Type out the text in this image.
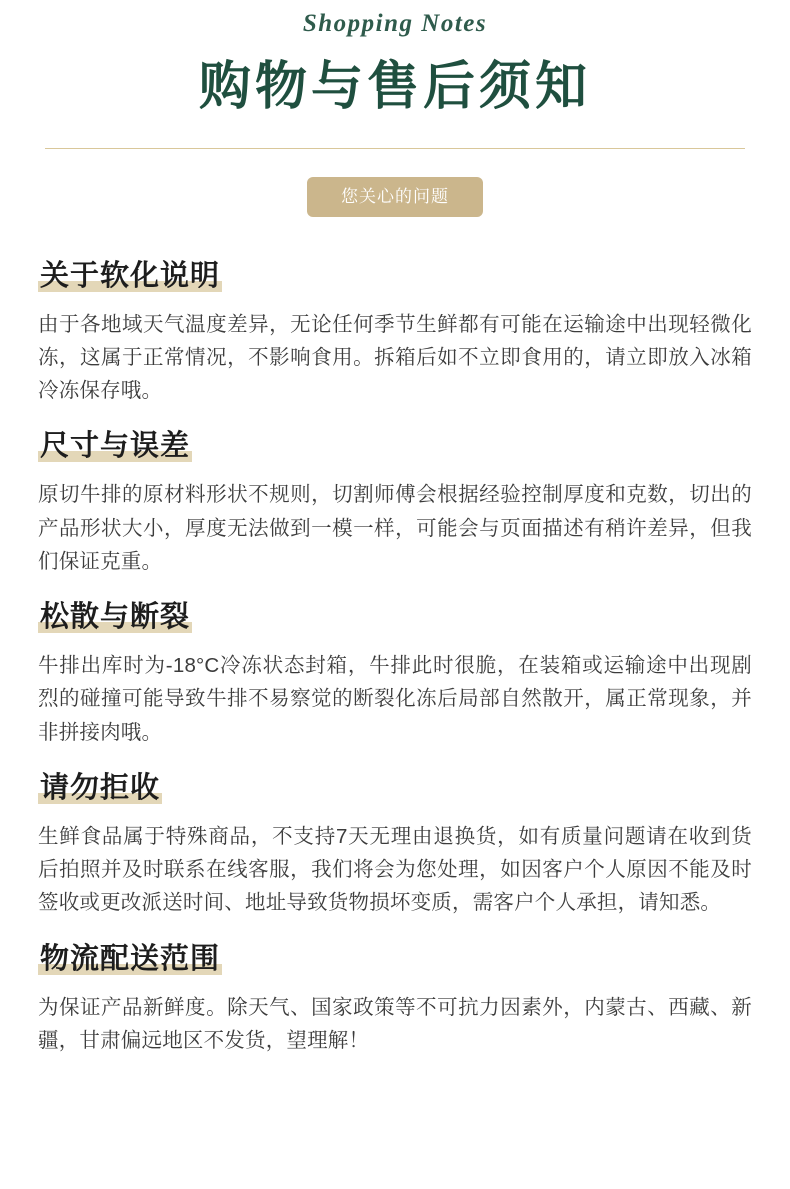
Shopping Notes

购物与售后须知
您关心的问题
关于软化说明

由于各地域天气温度差异，无论任何季节生鲜都有可能在运输途中出现轻微化冻，这属于正常情况，不影响食用。拆箱后如不立即食用的，请立即放入冰箱冷冻保存哦。

尺寸与误差

原切牛排的原材料形状不规则，切割师傅会根据经验控制厚度和克数，切出的产品形状大小，厚度无法做到一模一样，可能会与页面描述有稍许差异，但我们保证克重。

松散与断裂

牛排出库时为-18°C冷冻状态封箱，牛排此时很脆，在装箱或运输途中出现剧烈的碰撞可能导致牛排不易察觉的断裂化冻后局部自然散开，属正常现象，并非拼接肉哦。

请勿拒收

生鲜食品属于特殊商品，不支持7天无理由退换货，如有质量问题请在收到货后拍照并及时联系在线客服，我们将会为您处理，如因客户个人原因不能及时签收或更改派送时间、地址导致货物损坏变质，需客户个人承担，请知悉。

物流配送范围

为保证产品新鲜度。除天气、国家政策等不可抗力因素外，内蒙古、西藏、新疆，甘肃偏远地区不发货，望理解！
